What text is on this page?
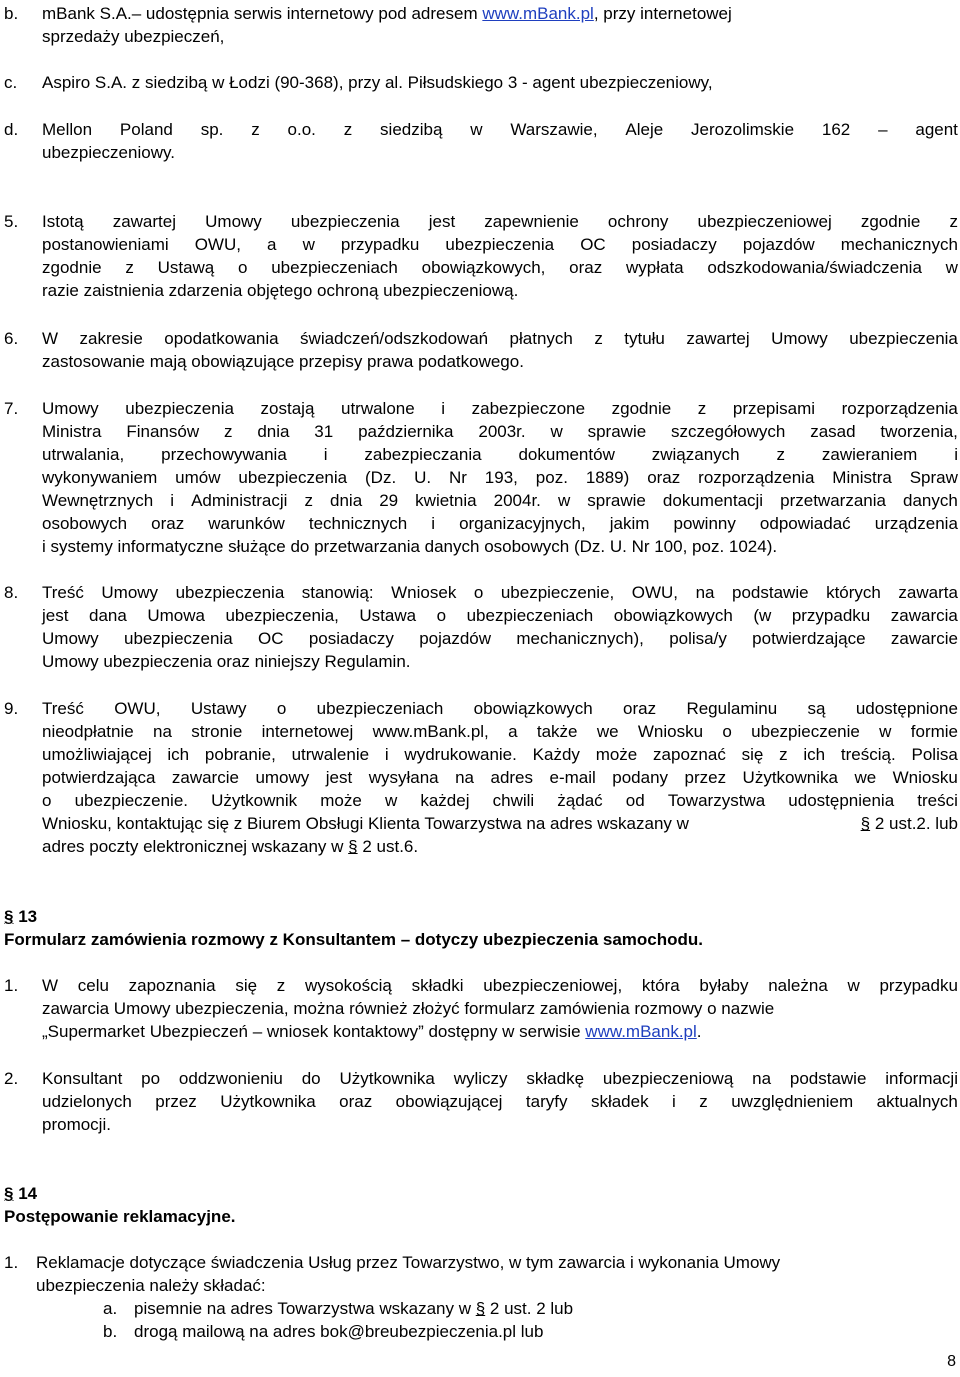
b. mBank S.A.– udostępnia serwis internetowy pod adresem www.mBank.pl, przy internetowej
sprzedaży ubezpieczeń,
c. Aspiro S.A. z siedzibą w Łodzi (90-368), przy al. Piłsudskiego 3 - agent ubezpieczeniowy,
d. Mellon Poland sp. z o.o. z siedzibą w Warszawie, Aleje Jerozolimskie 162 – agent
ubezpieczeniowy.
5. Istotą zawartej Umowy ubezpieczenia jest zapewnienie ochrony ubezpieczeniowej zgodnie z
postanowieniami OWU, a w przypadku ubezpieczenia OC posiadaczy pojazdów mechanicznych
zgodnie z Ustawą o ubezpieczeniach obowiązkowych, oraz wypłata odszkodowania/świadczenia w
razie zaistnienia zdarzenia objętego ochroną ubezpieczeniową.
6. W zakresie opodatkowania świadczeń/odszkodowań płatnych z tytułu zawartej Umowy ubezpieczenia
zastosowanie mają obowiązujące przepisy prawa podatkowego.
7. Umowy ubezpieczenia zostają utrwalone i zabezpieczone zgodnie z przepisami rozporządzenia
Ministra Finansów z dnia 31 października 2003r. w sprawie szczegółowych zasad tworzenia,
utrwalania, przechowywania i zabezpieczania dokumentów związanych z zawieraniem i
wykonywaniem umów ubezpieczenia (Dz. U. Nr 193, poz. 1889) oraz rozporządzenia Ministra Spraw
Wewnętrznych i Administracji z dnia 29 kwietnia 2004r. w sprawie dokumentacji przetwarzania danych
osobowych oraz warunków technicznych i organizacyjnych, jakim powinny odpowiadać urządzenia
i systemy informatyczne służące do przetwarzania danych osobowych (Dz. U. Nr 100, poz. 1024).
8. Treść Umowy ubezpieczenia stanowią: Wniosek o ubezpieczenie, OWU, na podstawie których zawarta
jest dana Umowa ubezpieczenia, Ustawa o ubezpieczeniach obowiązkowych (w przypadku zawarcia
Umowy ubezpieczenia OC posiadaczy pojazdów mechanicznych), polisa/y potwierdzające zawarcie
Umowy ubezpieczenia oraz niniejszy Regulamin.
9. Treść OWU, Ustawy o ubezpieczeniach obowiązkowych oraz Regulaminu są udostępnione
nieodpłatnie na stronie internetowej www.mBank.pl, a także we Wniosku o ubezpieczenie w formie
umożliwiającej ich pobranie, utrwalenie i wydrukowanie. Każdy może zapoznać się z ich treścią. Polisa
potwierdzająca zawarcie umowy jest wysyłana na adres e-mail podany przez Użytkownika we Wniosku
o ubezpieczenie. Użytkownik może w każdej chwili żądać od Towarzystwa udostępnienia treści
Wniosku, kontaktując się z Biurem Obsługi Klienta Towarzystwa na adres wskazany w	§ 2 ust.2. lub
adres poczty elektronicznej wskazany w § 2 ust.6.
§ 13
Formularz zamówienia rozmowy z Konsultantem – dotyczy ubezpieczenia samochodu.
1. W celu zapoznania się z wysokością składki ubezpieczeniowej, która byłaby należna w przypadku
zawarcia Umowy ubezpieczenia, można również złożyć formularz zamówienia rozmowy o nazwie
„Supermarket Ubezpieczeń – wniosek kontaktowy” dostępny w serwisie www.mBank.pl.
2. Konsultant po oddzwonieniu do Użytkownika wyliczy składkę ubezpieczeniową na podstawie informacji
udzielonych przez Użytkownika oraz obowiązującej taryfy składek i z uwzględnieniem aktualnych
promocji.
§ 14
Postępowanie reklamacyjne.
1. Reklamacje dotyczące świadczenia Usług przez Towarzystwo, w tym zawarcia i wykonania Umowy
ubezpieczenia należy składać:
a. pisemnie na adres Towarzystwa wskazany w § 2 ust. 2 lub
b. drogą mailową na adres bok@breubezpieczenia.pl lub
8
